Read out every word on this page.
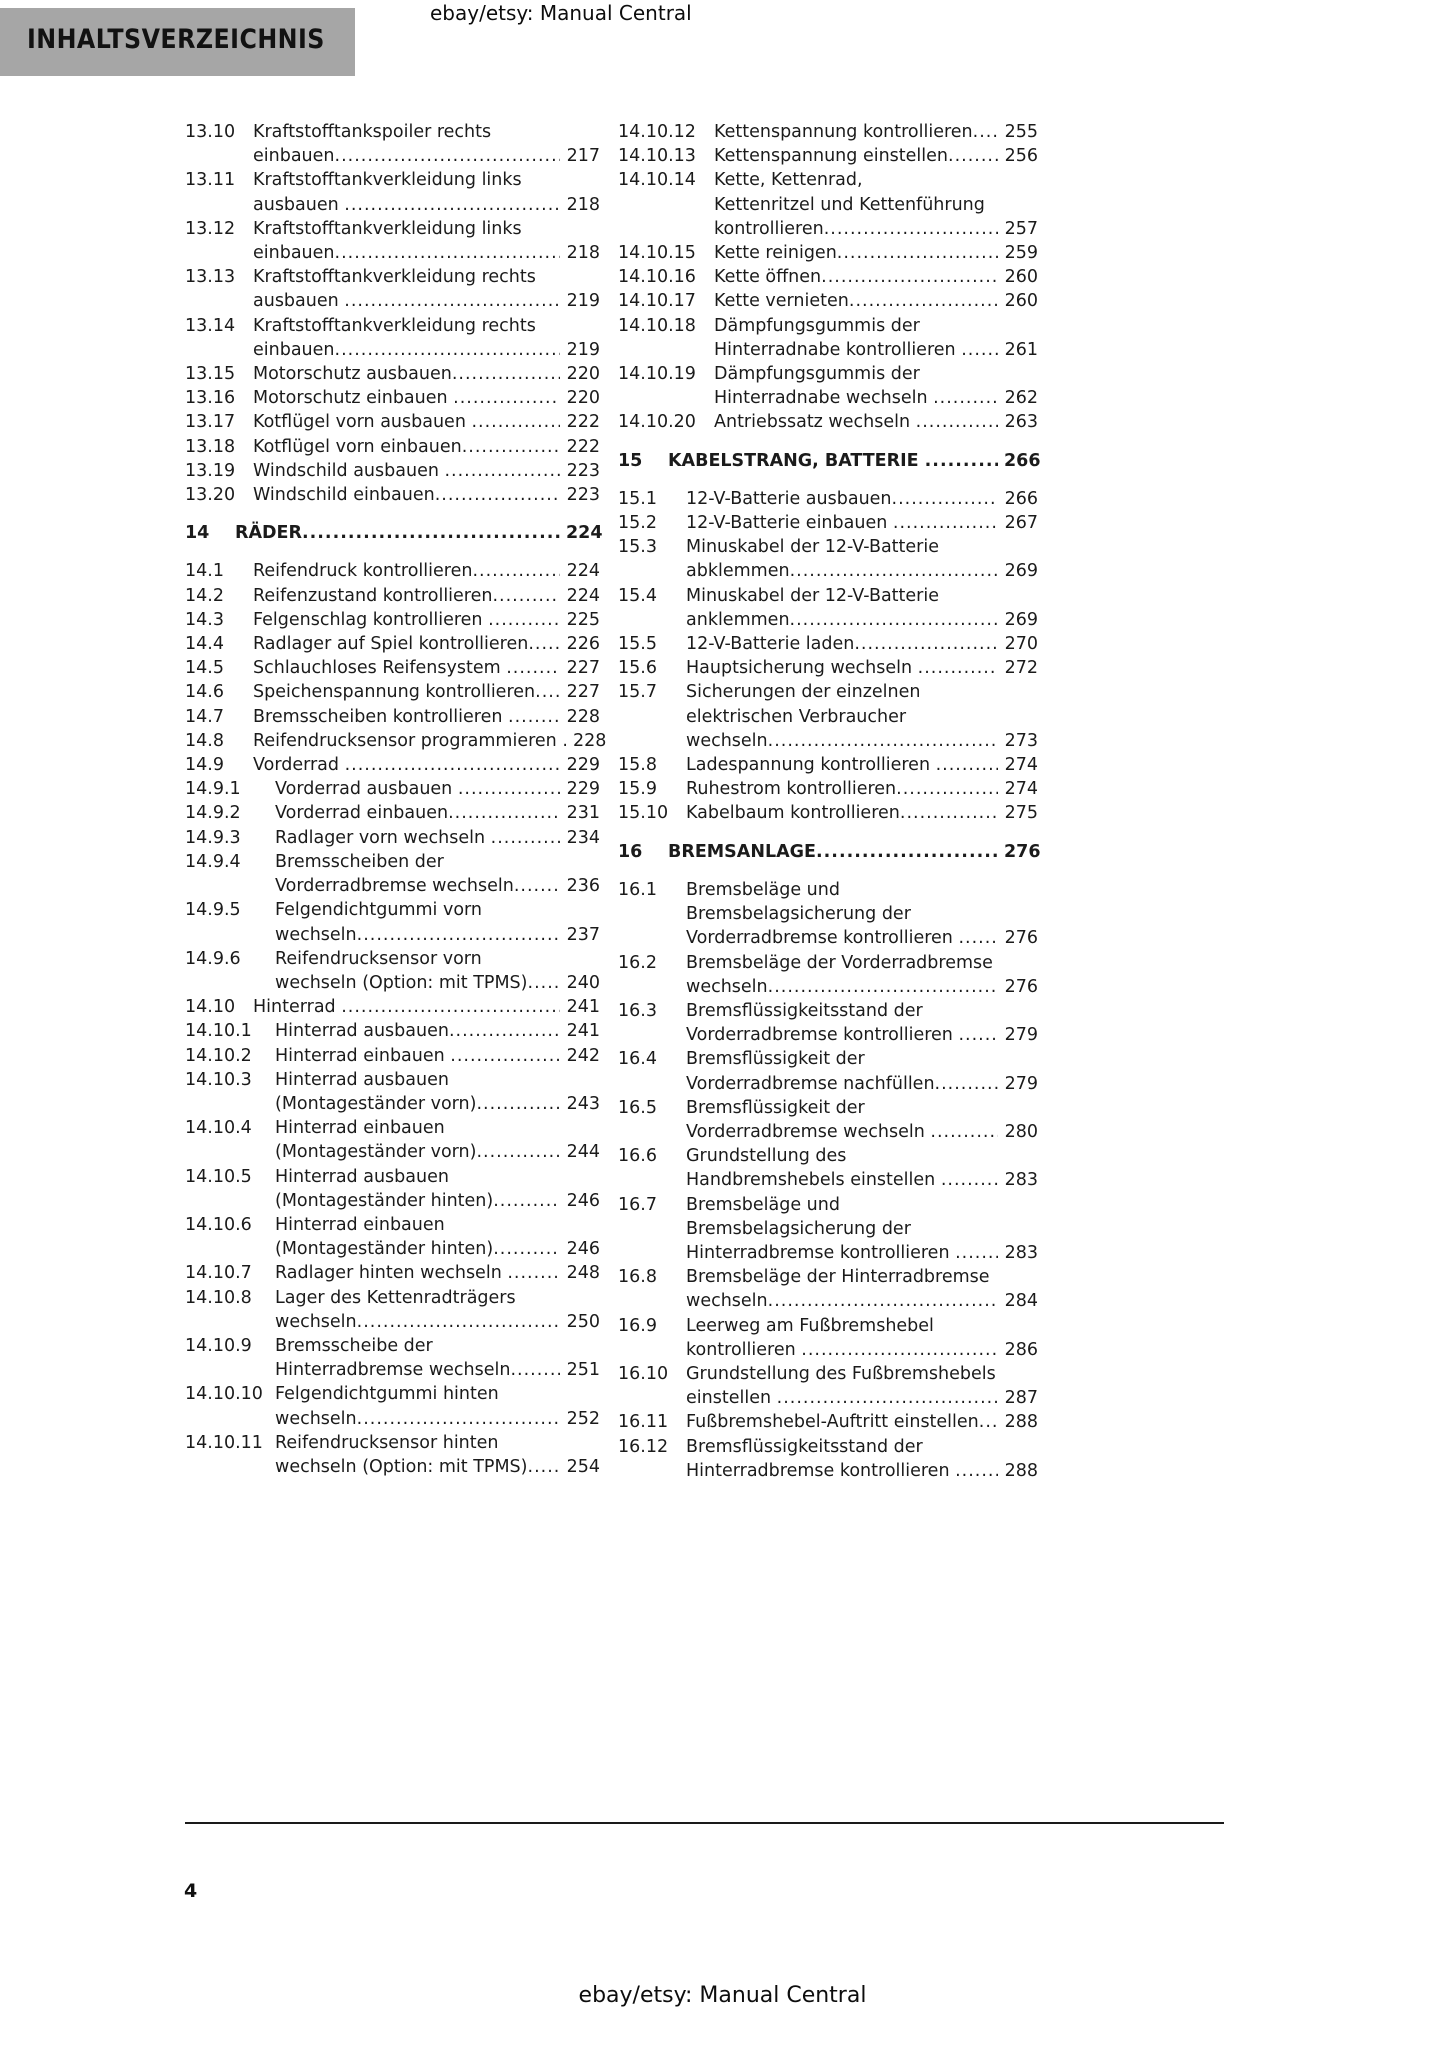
INHALTSVERZEICHNIS
ebay/etsy: Manual Central
13.10	Kraftstofftankspoiler rechts
einbauen .....	217
13.11	Kraftstofftankverkleidung links
ausbauen .....	218
13.12	Kraftstofftankverkleidung links
einbauen .....	218
13.13	Kraftstofftankverkleidung rechts
ausbauen .....	219
13.14	Kraftstofftankverkleidung rechts
einbauen .....	219
13.15	Motorschutz ausbauen .....	220
13.16	Motorschutz einbauen .....	220
13.17	Kotflügel vorn ausbauen .....	222
13.18	Kotflügel vorn einbauen .....	222
13.19	Windschild ausbauen .....	223
13.20	Windschild einbauen .....	223
14	RÄDER .....	224
14.1	Reifendruck kontrollieren .....	224
14.2	Reifenzustand kontrollieren .....	224
14.3	Felgenschlag kontrollieren .....	225
14.4	Radlager auf Spiel kontrollieren .....	226
14.5	Schlauchloses Reifensystem .....	227
14.6	Speichenspannung kontrollieren .....	227
14.7	Bremsscheiben kontrollieren .....	228
14.8	Reifendrucksensor programmieren ..... 228
14.9	Vorderrad .....	229
14.9.1	Vorderrad ausbauen .....	229
14.9.2	Vorderrad einbauen .....	231
14.9.3	Radlager vorn wechseln .....	234
14.9.4	Bremsscheiben der
Vorderradbremse wechseln .....	236
14.9.5	Felgendichtgummi vorn
wechseln .....	237
14.9.6	Reifendrucksensor vorn
wechseln (Option: mit TPMS) .....	240
14.10	Hinterrad .....	241
14.10.1	Hinterrad ausbauen .....	241
14.10.2	Hinterrad einbauen .....	242
14.10.3	Hinterrad ausbauen
(Montageständer vorn) .....	243
14.10.4	Hinterrad einbauen
(Montageständer vorn) .....	244
14.10.5	Hinterrad ausbauen
(Montageständer hinten) .....	246
14.10.6	Hinterrad einbauen
(Montageständer hinten) .....	246
14.10.7	Radlager hinten wechseln .....	248
14.10.8	Lager des Kettenradträgers
wechseln .....	250
14.10.9	Bremsscheibe der
Hinterradbremse wechseln .....	251
14.10.10 Felgendichtgummi hinten
wechseln .....	252
14.10.11 Reifendrucksensor hinten
wechseln (Option: mit TPMS) .....	254
14.10.12	Kettenspannung kontrollieren .....	255
14.10.13	Kettenspannung einstellen .....	256
14.10.14	Kette, Kettenrad,
Kettenritzel und Kettenführung
kontrollieren .....	257
14.10.15	Kette reinigen .....	259
14.10.16	Kette öffnen .....	260
14.10.17	Kette vernieten .....	260
14.10.18	Dämpfungsgummis der
Hinterradnabe kontrollieren .....	261
14.10.19	Dämpfungsgummis der
Hinterradnabe wechseln .....	262
14.10.20	Antriebssatz wechseln .....	263
15	KABELSTRANG, BATTERIE .....	266
15.1	12-V-Batterie ausbauen .....	266
15.2	12-V-Batterie einbauen .....	267
15.3	Minuskabel der 12-V-Batterie
abklemmen .....	269
15.4	Minuskabel der 12-V-Batterie
anklemmen .....	269
15.5	12-V-Batterie laden .....	270
15.6	Hauptsicherung wechseln .....	272
15.7	Sicherungen der einzelnen
elektrischen Verbraucher
wechseln .....	273
15.8	Ladespannung kontrollieren .....	274
15.9	Ruhestrom kontrollieren .....	274
15.10	Kabelbaum kontrollieren .....	275
16	BREMSANLAGE .....	276
16.1	Bremsbeläge und
Bremsbelagsicherung der
Vorderradbremse kontrollieren .....	276
16.2	Bremsbeläge der Vorderradbremse
wechseln .....	276
16.3	Bremsflüssigkeitsstand der
Vorderradbremse kontrollieren .....	279
16.4	Bremsflüssigkeit der
Vorderradbremse nachfüllen .....	279
16.5	Bremsflüssigkeit der
Vorderradbremse wechseln .....	280
16.6	Grundstellung des
Handbremshebels einstellen .....	283
16.7	Bremsbeläge und
Bremsbelagsicherung der
Hinterradbremse kontrollieren .....	283
16.8	Bremsbeläge der Hinterradbremse
wechseln .....	284
16.9	Leerweg am Fußbremshebel
kontrollieren .....	286
16.10	Grundstellung des Fußbremshebels
einstellen .....	287
16.11	Fußbremshebel-Auftritt einstellen .....	288
16.12	Bremsflüssigkeitsstand der
Hinterradbremse kontrollieren .....	288
4
ebay/etsy: Manual Central
